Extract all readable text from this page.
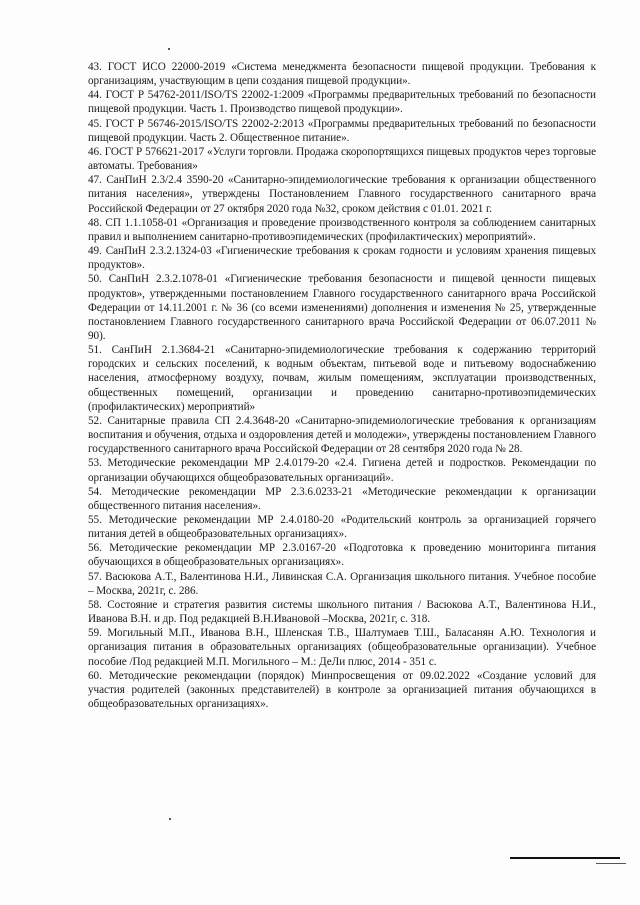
43. ГОСТ ИСО 22000-2019 «Система менеджмента безопасности пищевой продукции. Требования к организациям, участвующим в цепи создания пищевой продукции».

44. ГОСТ Р 54762-2011/ISO/TS 22002-1:2009 «Программы предварительных требований по безопасности пищевой продукции. Часть 1. Производство пищевой продукции».

45. ГОСТ Р 56746-2015/ISO/TS 22002-2:2013 «Программы предварительных требований по безопасности пищевой продукции. Часть 2. Общественное питание».

46. ГОСТ Р 576621-2017 «Услуги торговли. Продажа скоропортящихся пищевых продуктов через торговые автоматы. Требования»

47. СанПиН 2.3/2.4 3590-20 «Санитарно-эпидемиологические требования к организации общественного питания населения», утверждены Постановлением Главного государственного санитарного врача Российской Федерации от 27 октября 2020 года №32, сроком действия с 01.01. 2021 г.

48. СП 1.1.1058-01 «Организация и проведение производственного контроля за соблюдением санитарных правил и выполнением санитарно-противоэпидемических (профилактических) мероприятий».

49. СанПиН 2.3.2.1324-03 «Гигиенические требования к срокам годности и условиям хранения пищевых продуктов».

50. СанПиН 2.3.2.1078-01 «Гигиенические требования безопасности и пищевой ценности пищевых продуктов», утвержденными постановлением Главного государственного санитарного врача Российской Федерации от 14.11.2001 г. № 36 (со всеми изменениями) дополнения и изменения № 25, утвержденные постановлением Главного государственного санитарного врача Российской Федерации от 06.07.2011 № 90).

51. СанПиН 2.1.3684-21 «Санитарно-эпидемиологические требования к содержанию территорий городских и сельских поселений, к водным объектам, питьевой воде и питьевому водоснабжению населения, атмосферному воздуху, почвам, жилым помещениям, эксплуатации производственных, общественных помещений, организации и проведению санитарно-противоэпидемических (профилактических) мероприятий»

52. Санитарные правила СП 2.4.3648-20 «Санитарно-эпидемиологические требования к организациям воспитания и обучения, отдыха и оздоровления детей и молодежи», утверждены постановлением Главного государственного санитарного врача Российской Федерации от 28 сентября 2020 года № 28.

53. Методические рекомендации МР 2.4.0179-20 «2.4. Гигиена детей и подростков. Рекомендации по организации обучающихся общеобразовательных организаций».

54. Методические рекомендации МР 2.3.6.0233-21 «Методические рекомендации к организации общественного питания населения».

55. Методические рекомендации МР 2.4.0180-20 «Родительский контроль за организацией горячего питания детей в общеобразовательных организациях».

56. Методические рекомендации МР 2.3.0167-20 «Подготовка к проведению мониторинга питания обучающихся в общеобразовательных организациях».

57. Васюкова А.Т., Валентинова Н.И., Ливинская С.А. Организация школьного питания. Учебное пособие – Москва, 2021г, с. 286.

58. Состояние и стратегия развития системы школьного питания / Васюкова А.Т., Валентинова Н.И., Иванова В.Н. и др. Под редакцией В.Н.Ивановой –Москва, 2021г, с. 318.

59. Могильный М.П., Иванова В.Н., Шленская Т.В., Шалтумаев Т.Ш., Баласанян А.Ю. Технология и организация питания в образовательных организациях (общеобразовательные организации). Учебное пособие /Под редакцией М.П. Могильного – М.: ДеЛи плюс, 2014 - 351 с.

60. Методические рекомендации (порядок) Минпросвещения от 09.02.2022 «Создание условий для участия родителей (законных представителей) в контроле за организацией питания обучающихся в общеобразовательных организациях».
